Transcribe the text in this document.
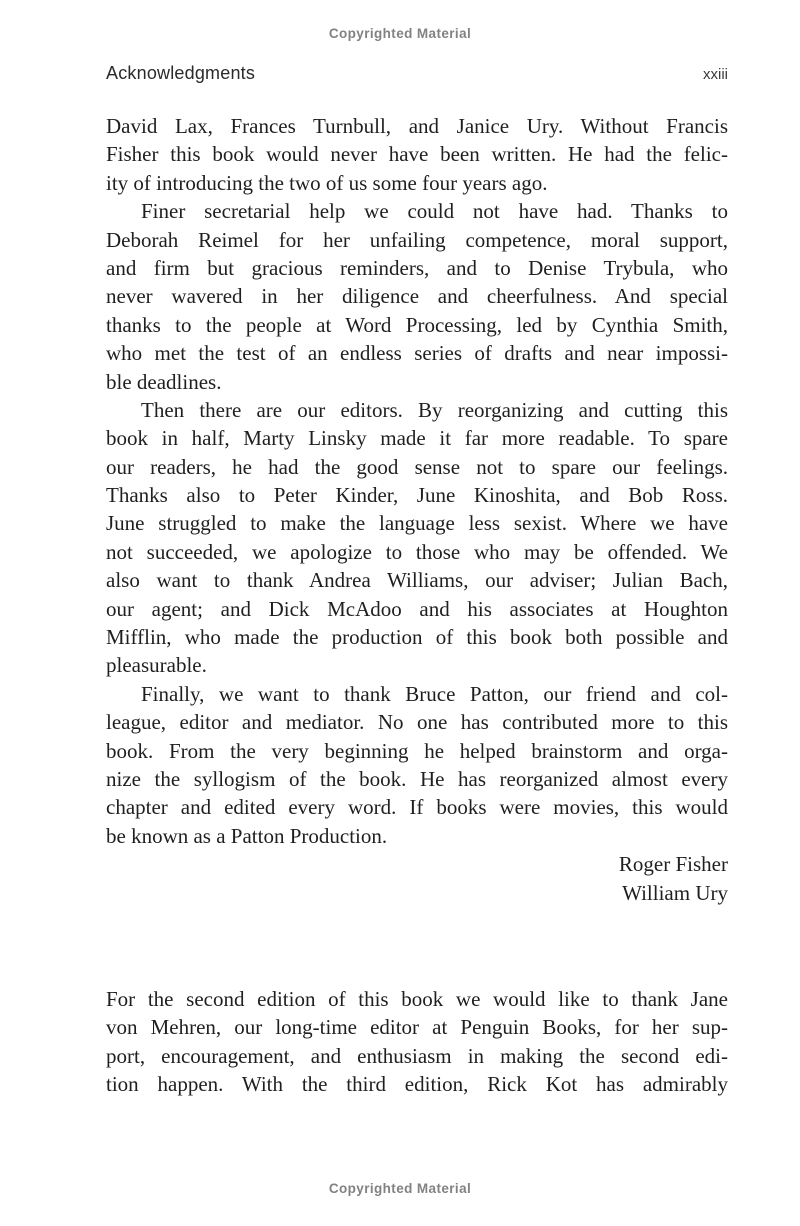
Copyrighted Material
Acknowledgments	xxiii
David Lax, Frances Turnbull, and Janice Ury. Without Francis
Fisher this book would never have been written. He had the felic-
ity of introducing the two of us some four years ago.
Finer secretarial help we could not have had. Thanks to
Deborah Reimel for her unfailing competence, moral support,
and firm but gracious reminders, and to Denise Trybula, who
never wavered in her diligence and cheerfulness. And special
thanks to the people at Word Processing, led by Cynthia Smith,
who met the test of an endless series of drafts and near impossi-
ble deadlines.
Then there are our editors. By reorganizing and cutting this
book in half, Marty Linsky made it far more readable. To spare
our readers, he had the good sense not to spare our feelings.
Thanks also to Peter Kinder, June Kinoshita, and Bob Ross.
June struggled to make the language less sexist. Where we have
not succeeded, we apologize to those who may be offended. We
also want to thank Andrea Williams, our adviser; Julian Bach,
our agent; and Dick McAdoo and his associates at Houghton
Mifflin, who made the production of this book both possible and
pleasurable.
Finally, we want to thank Bruce Patton, our friend and col-
league, editor and mediator. No one has contributed more to this
book. From the very beginning he helped brainstorm and orga-
nize the syllogism of the book. He has reorganized almost every
chapter and edited every word. If books were movies, this would
be known as a Patton Production.
Roger Fisher
William Ury
For the second edition of this book we would like to thank Jane
von Mehren, our long-time editor at Penguin Books, for her sup-
port, encouragement, and enthusiasm in making the second edi-
tion happen. With the third edition, Rick Kot has admirably
Copyrighted Material
